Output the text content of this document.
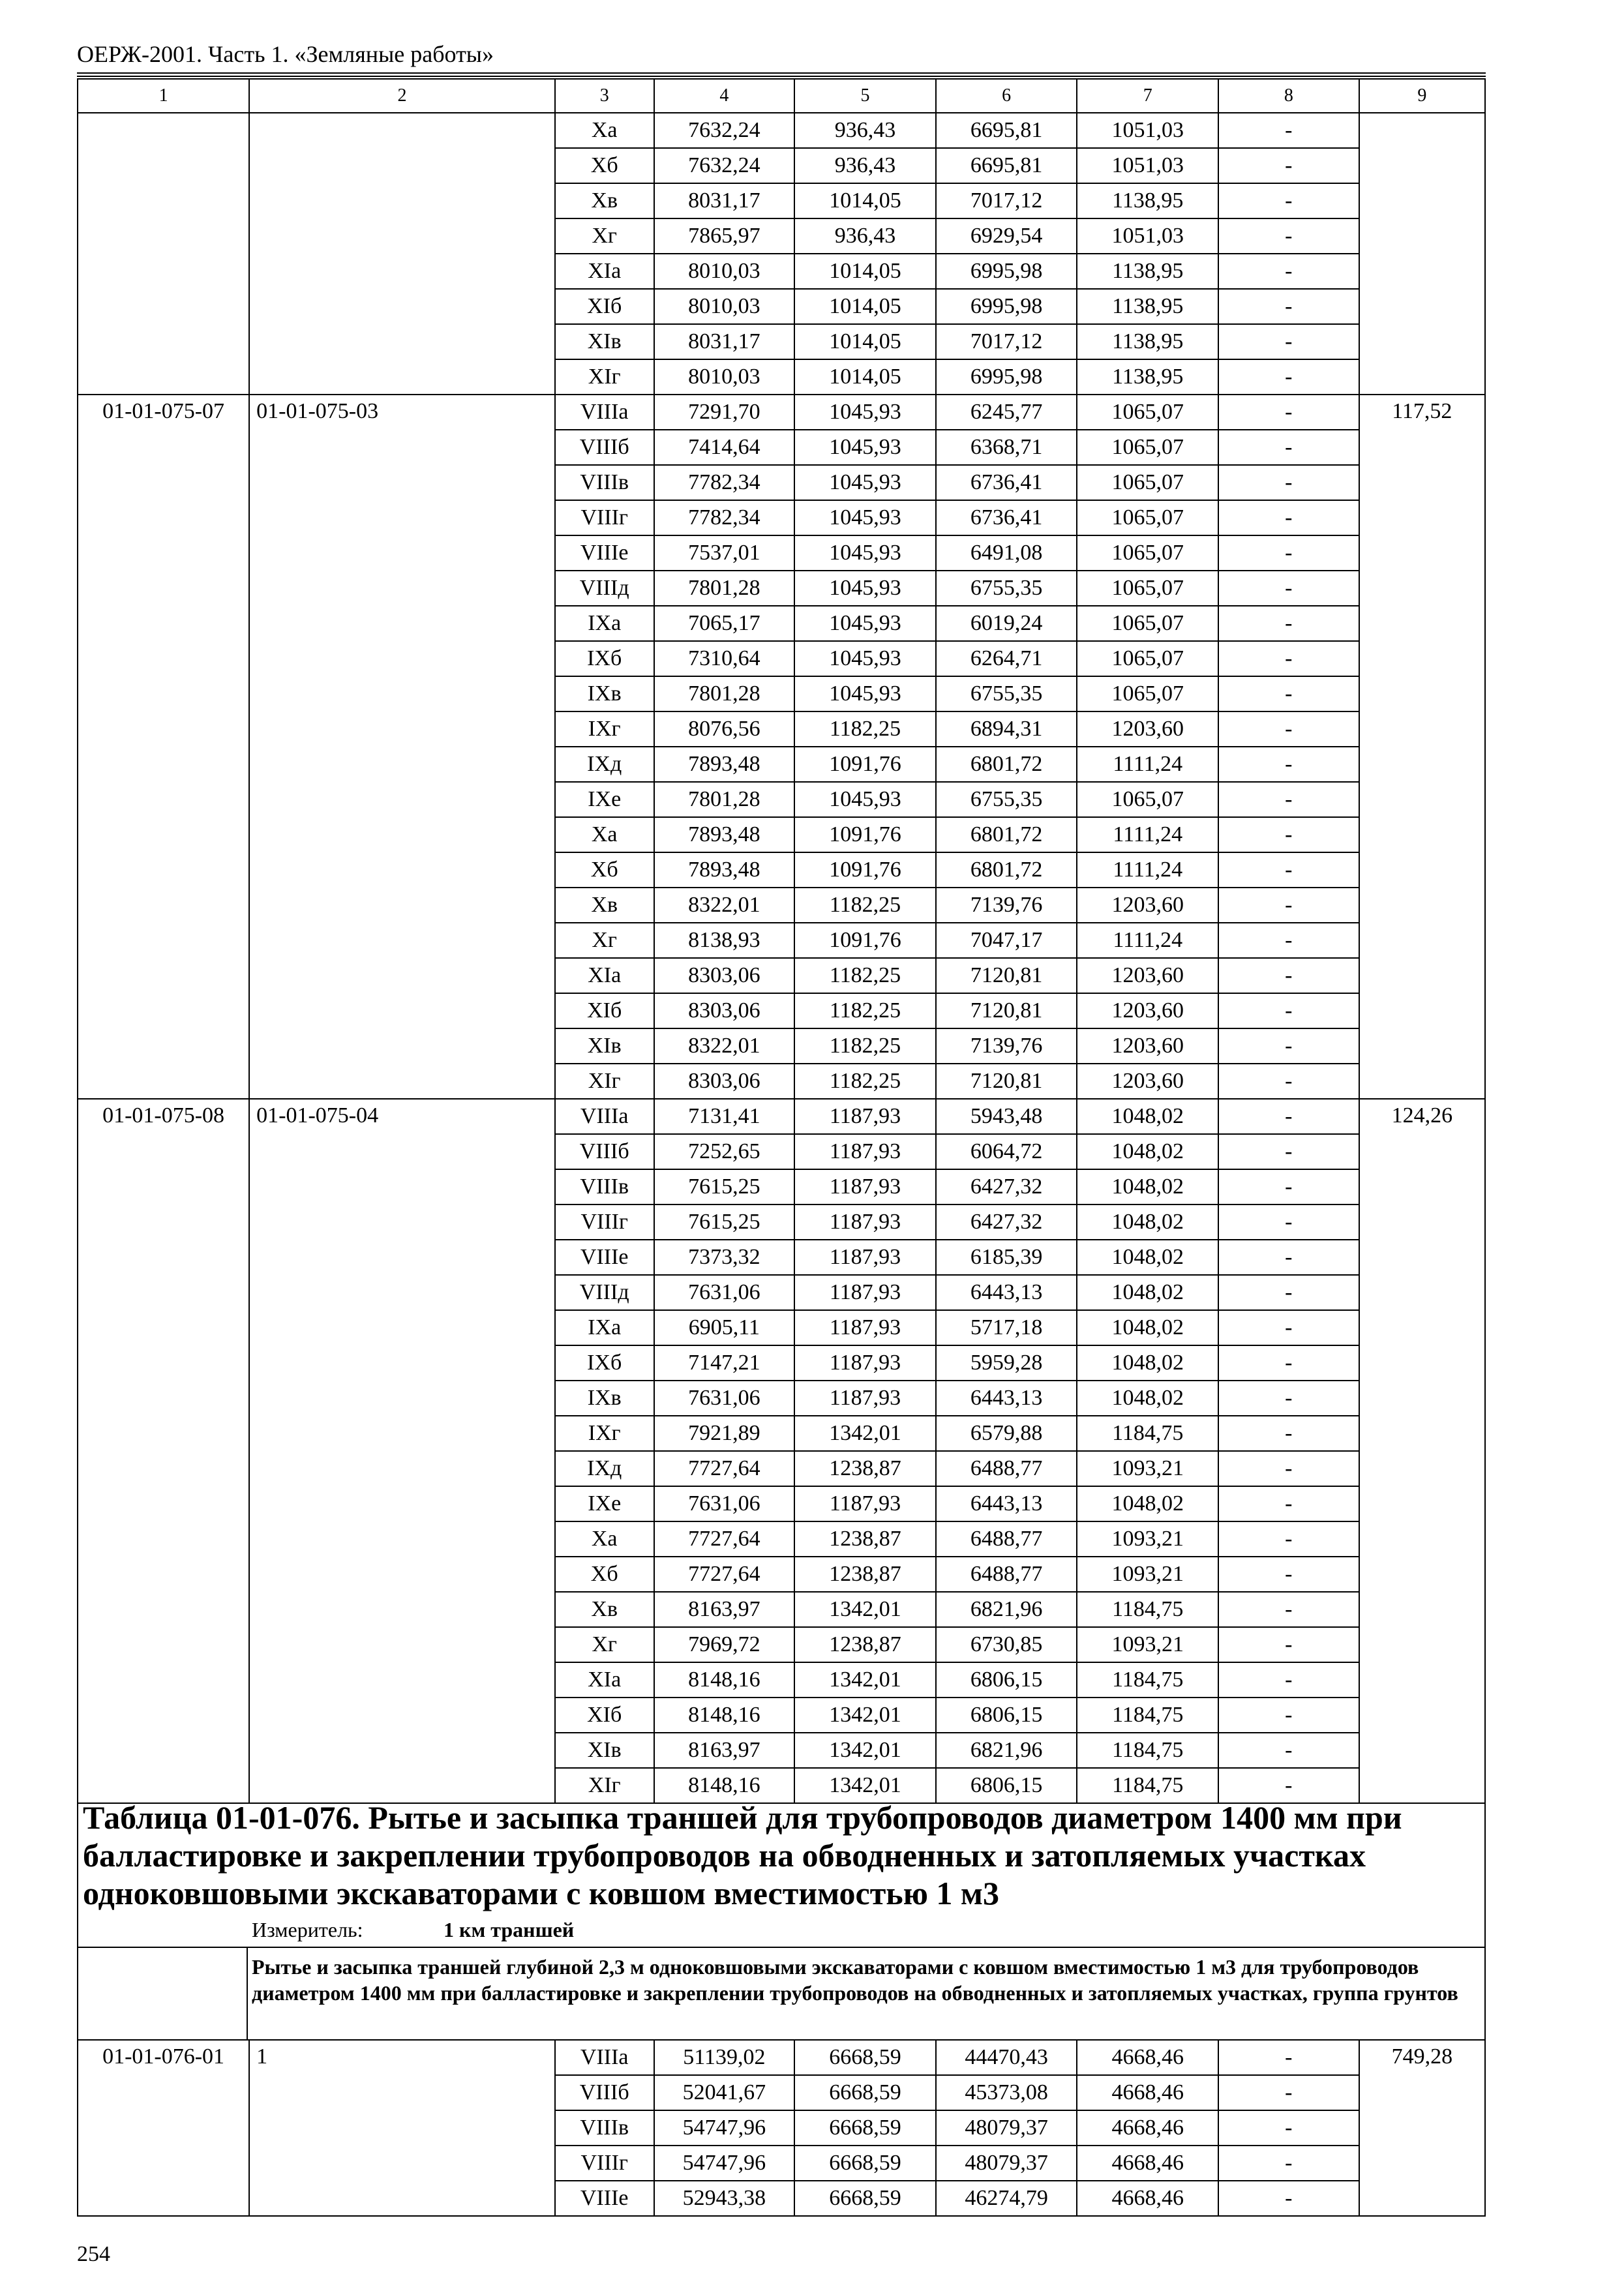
ОЕРЖ-2001. Часть 1. «Земляные работы»
1	2	3	4	5	6	7	8	9
		Xa	7632,24	936,43	6695,81	1051,03	-	
		Xб	7632,24	936,43	6695,81	1051,03	-	
		Xв	8031,17	1014,05	7017,12	1138,95	-	
		Xг	7865,97	936,43	6929,54	1051,03	-	
		XIa	8010,03	1014,05	6995,98	1138,95	-	
		XIб	8010,03	1014,05	6995,98	1138,95	-	
		XIв	8031,17	1014,05	7017,12	1138,95	-	
		XIг	8010,03	1014,05	6995,98	1138,95	-	
01-01-075-07	01-01-075-03	VIIIa	7291,70	1045,93	6245,77	1065,07	-	117,52
		VIIIб	7414,64	1045,93	6368,71	1065,07	-	
		VIIIв	7782,34	1045,93	6736,41	1065,07	-	
		VIIIг	7782,34	1045,93	6736,41	1065,07	-	
		VIIIe	7537,01	1045,93	6491,08	1065,07	-	
		VIIIд	7801,28	1045,93	6755,35	1065,07	-	
		IXa	7065,17	1045,93	6019,24	1065,07	-	
		IXб	7310,64	1045,93	6264,71	1065,07	-	
		IXв	7801,28	1045,93	6755,35	1065,07	-	
		IXг	8076,56	1182,25	6894,31	1203,60	-	
		IXд	7893,48	1091,76	6801,72	1111,24	-	
		IXe	7801,28	1045,93	6755,35	1065,07	-	
		Xa	7893,48	1091,76	6801,72	1111,24	-	
		Xб	7893,48	1091,76	6801,72	1111,24	-	
		Xв	8322,01	1182,25	7139,76	1203,60	-	
		Xг	8138,93	1091,76	7047,17	1111,24	-	
		XIa	8303,06	1182,25	7120,81	1203,60	-	
		XIб	8303,06	1182,25	7120,81	1203,60	-	
		XIв	8322,01	1182,25	7139,76	1203,60	-	
		XIг	8303,06	1182,25	7120,81	1203,60	-	
01-01-075-08	01-01-075-04	VIIIa	7131,41	1187,93	5943,48	1048,02	-	124,26
		VIIIб	7252,65	1187,93	6064,72	1048,02	-	
		VIIIв	7615,25	1187,93	6427,32	1048,02	-	
		VIIIг	7615,25	1187,93	6427,32	1048,02	-	
		VIIIe	7373,32	1187,93	6185,39	1048,02	-	
		VIIIд	7631,06	1187,93	6443,13	1048,02	-	
		IXa	6905,11	1187,93	5717,18	1048,02	-	
		IXб	7147,21	1187,93	5959,28	1048,02	-	
		IXв	7631,06	1187,93	6443,13	1048,02	-	
		IXг	7921,89	1342,01	6579,88	1184,75	-	
		IXд	7727,64	1238,87	6488,77	1093,21	-	
		IXe	7631,06	1187,93	6443,13	1048,02	-	
		Xa	7727,64	1238,87	6488,77	1093,21	-	
		Xб	7727,64	1238,87	6488,77	1093,21	-	
		Xв	8163,97	1342,01	6821,96	1184,75	-	
		Xг	7969,72	1238,87	6730,85	1093,21	-	
		XIa	8148,16	1342,01	6806,15	1184,75	-	
		XIб	8148,16	1342,01	6806,15	1184,75	-	
		XIв	8163,97	1342,01	6821,96	1184,75	-	
		XIг	8148,16	1342,01	6806,15	1184,75	-	
Таблица 01-01-076. Рытье и засыпка траншей для трубопроводов диаметром 1400 мм при балластировке и закреплении трубопроводов на обводненных и затопляемых участках одноковшовыми экскаваторами с ковшом вместимостью 1 м3
Измеритель:	1 км траншей
Рытье и засыпка траншей глубиной 2,3 м одноковшовыми экскаваторами с ковшом вместимостью 1 м3 для трубопроводов диаметром 1400 мм при балластировке и закреплении трубопроводов на обводненных и затопляемых участках, группа грунтов
01-01-076-01	1	VIIIa	51139,02	6668,59	44470,43	4668,46	-	749,28
		VIIIб	52041,67	6668,59	45373,08	4668,46	-	
		VIIIв	54747,96	6668,59	48079,37	4668,46	-	
		VIIIг	54747,96	6668,59	48079,37	4668,46	-	
		VIIIe	52943,38	6668,59	46274,79	4668,46	-	
254
